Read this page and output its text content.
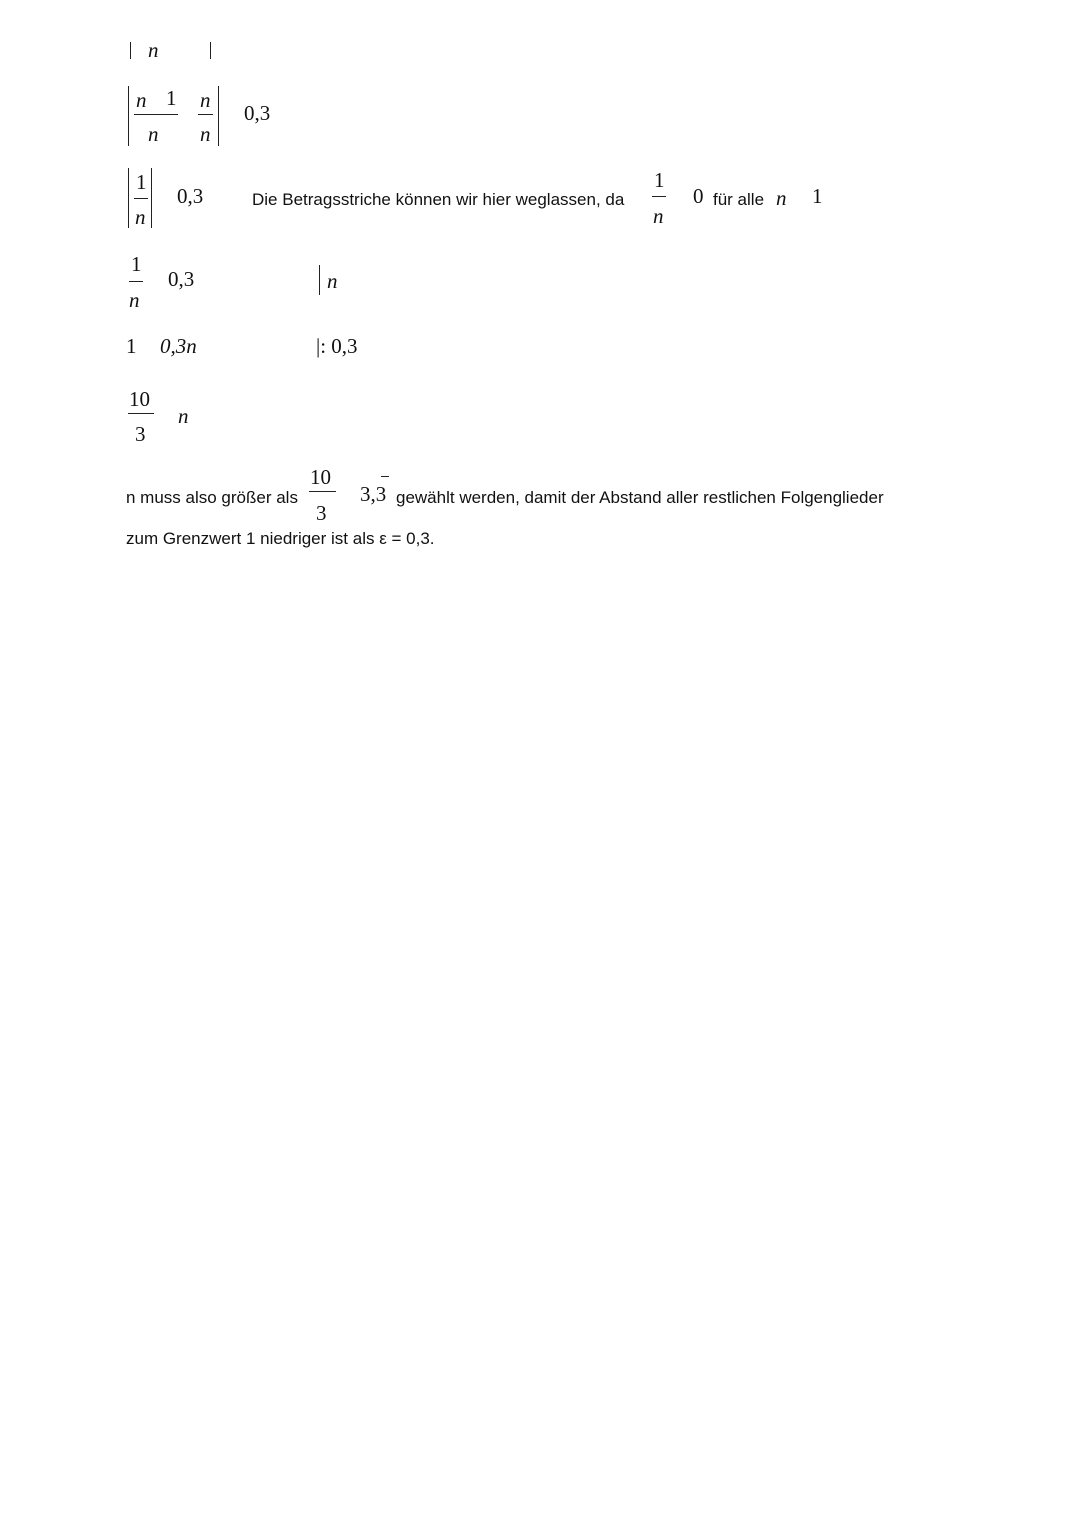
n
n 1
n
n
n
0,3
1
n
0,3	Die Betragsstriche können wir hier weglassen, da
1
n
0 für alle n 1
1
n
0,3	n
1 0,3n	|: 0,3
10
3
n
n muss also größer als
10
3
3,3 gewählt werden, damit der Abstand aller restlichen Folgenglieder
zum Grenzwert 1 niedriger ist als ε = 0,3.
